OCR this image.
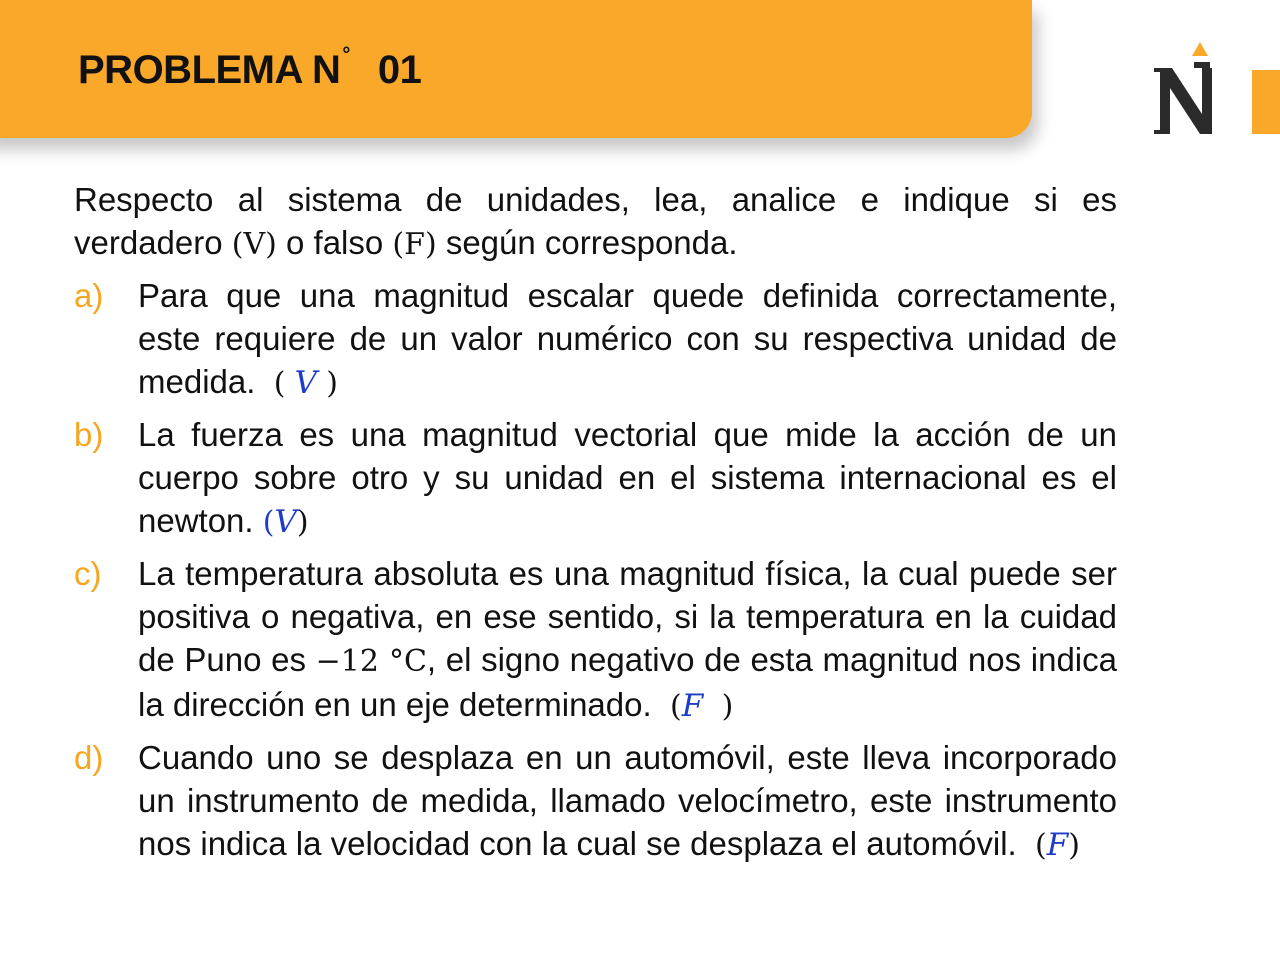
PROBLEMA N ° 01

Respecto al sistema de unidades, lea, analice e indique si es verdadero (V) o falso (F) según corresponda.

a) Para que una magnitud escalar quede definida correctamente, este requiere de un valor numérico con su respectiva unidad de medida. ( V )
b) La fuerza es una magnitud vectorial que mide la acción de un cuerpo sobre otro y su unidad en el sistema internacional es el newton. (V)
c) La temperatura absoluta es una magnitud física, la cual puede ser positiva o negativa, en ese sentido, si la temperatura en la cuidad de Puno es −12 °C, el signo negativo de esta magnitud nos indica la dirección en un eje determinado. (F )
d) Cuando uno se desplaza en un automóvil, este lleva incorporado un instrumento de medida, llamado velocímetro, este instrumento nos indica la velocidad con la cual se desplaza el automóvil. (F)
